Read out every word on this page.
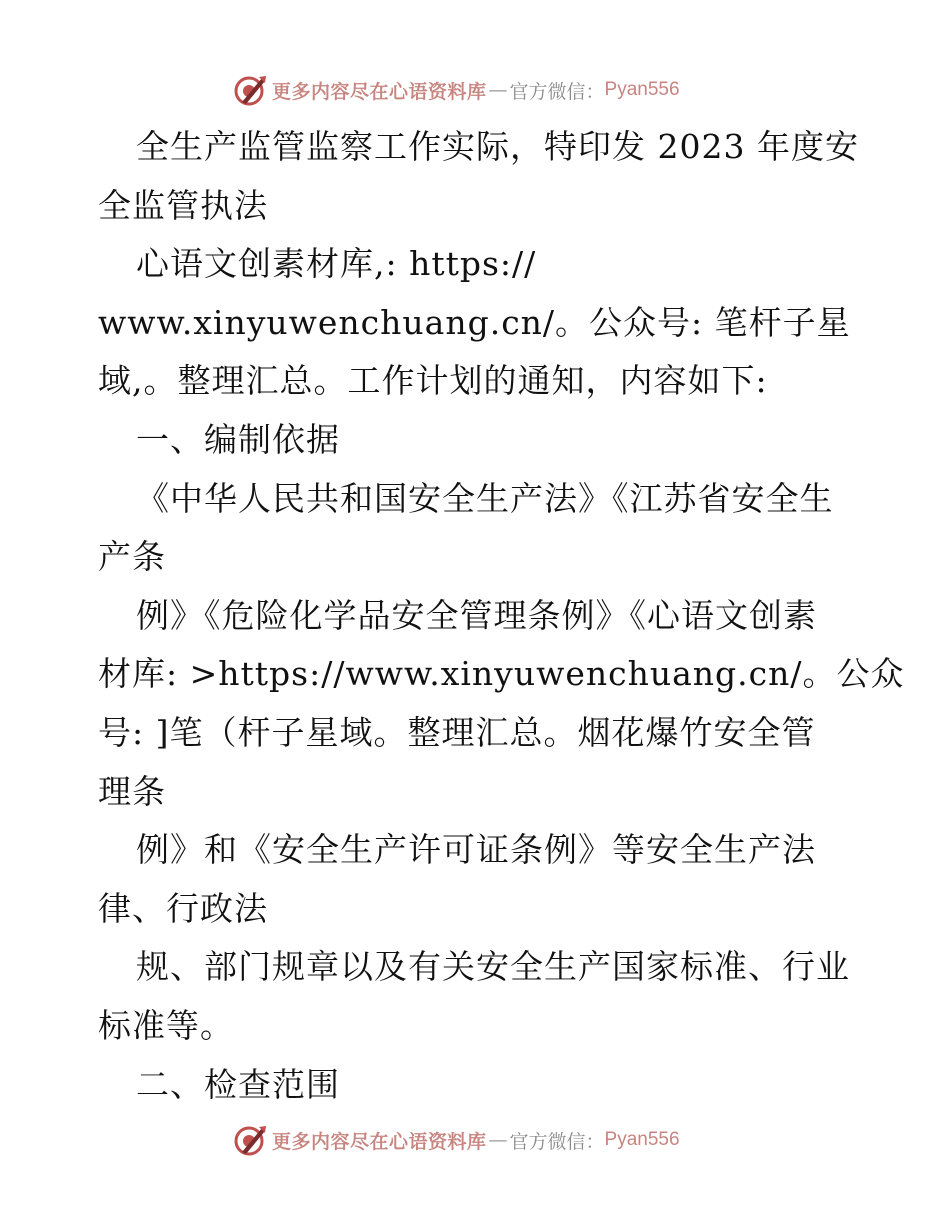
更多内容尽在心语资料库 — 官方微信： Pyan556
全生产监管监察工作实际，特印发 2023 年度安
全监管执法
心语文创素材库,: https://
www.xinyuwenchuang.cn/。公众号: 笔杆子星
域,。整理汇总。工作计划的通知，内容如下:
一、编制依据
《中华人民共和国安全生产法》《江苏省安全生
产条
例》《危险化学品安全管理条例》《心语文创素
材库: >https://www.xinyuwenchuang.cn/。公众
号: ]笔（杆子星域。整理汇总。烟花爆竹安全管
理条
例》和《安全生产许可证条例》等安全生产法
律、行政法
规、部门规章以及有关安全生产国家标准、行业
标准等。
二、检查范围
更多内容尽在心语资料库 — 官方微信： Pyan556
